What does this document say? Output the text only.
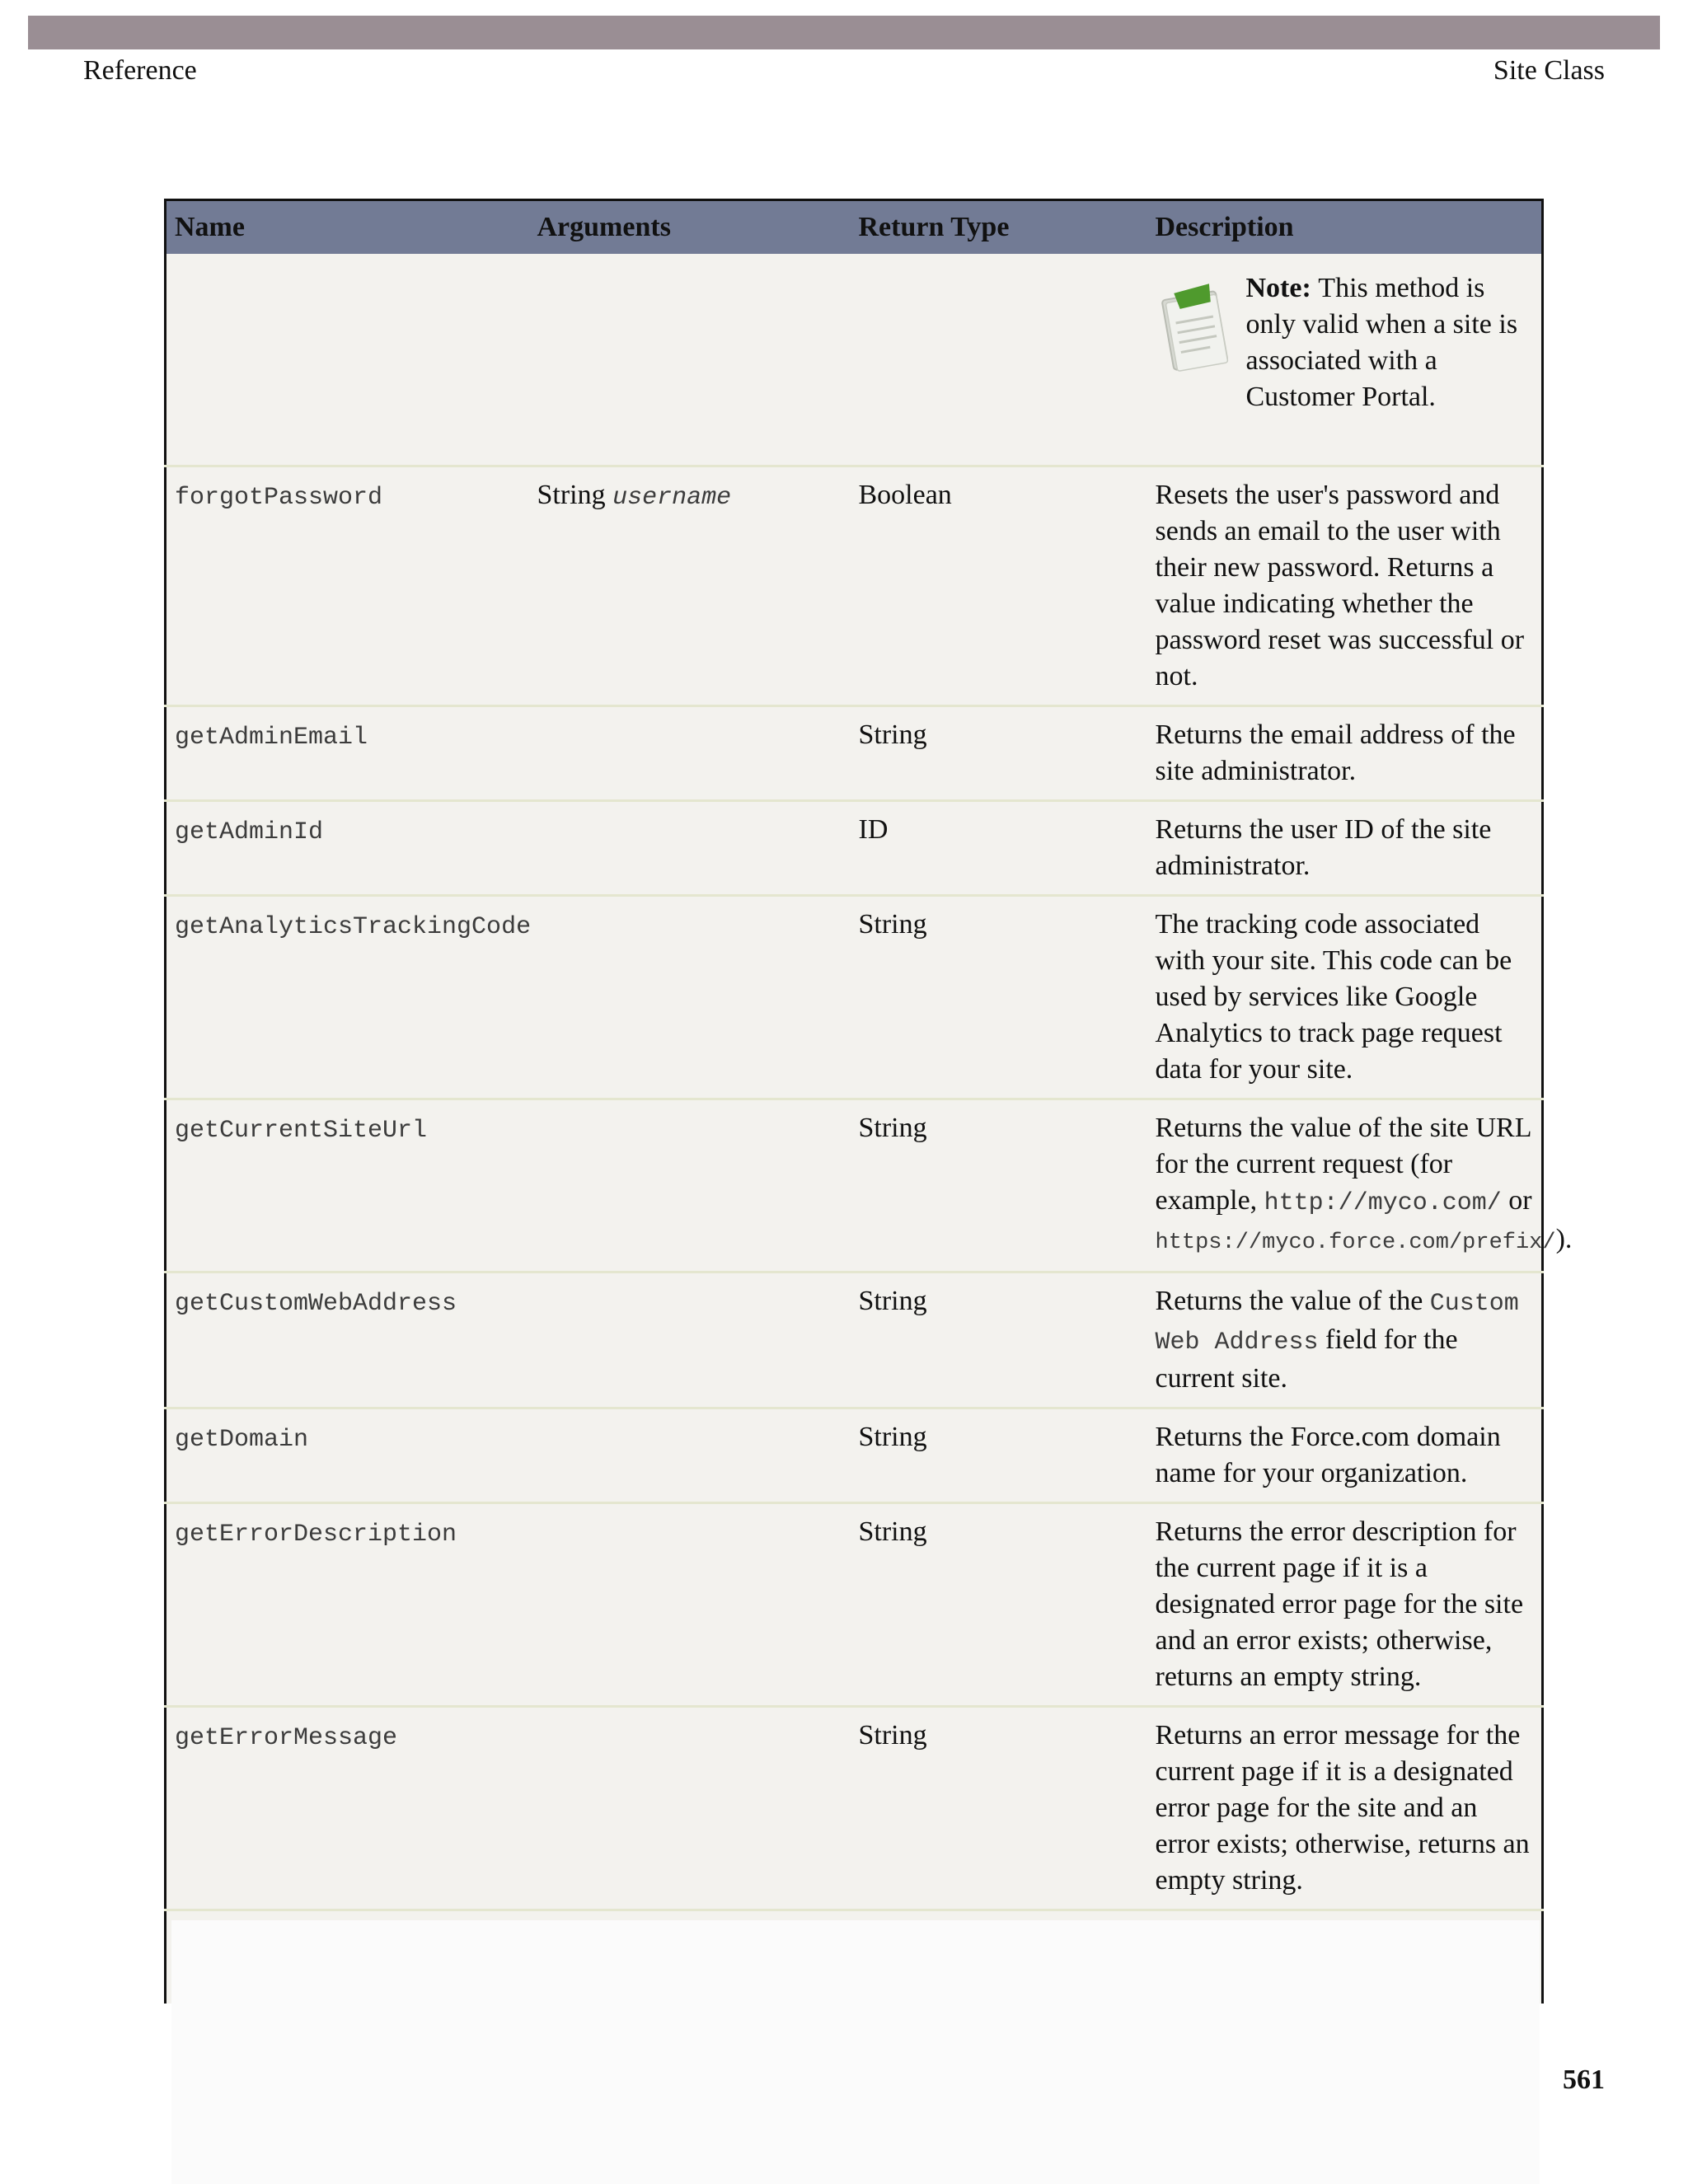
Reference	Site Class
Name	Arguments	Return Type	Description

			Note: This method is only valid when a site is associated with a Customer Portal.

forgotPassword	String username	Boolean	Resets the user's password and sends an email to the user with their new password. Returns a value indicating whether the password reset was successful or not.
getAdminEmail		String	Returns the email address of the site administrator.
getAdminId		ID	Returns the user ID of the site administrator.
getAnalyticsTrackingCode		String	The tracking code associated with your site. This code can be used by services like Google Analytics to track page request data for your site.
getCurrentSiteUrl		String	Returns the value of the site URL for the current request (for example, http://myco.com/ or https://myco.force.com/prefix/).
getCustomWebAddress		String	Returns the value of the Custom Web Address field for the current site.
getDomain		String	Returns the Force.com domain name for your organization.
getErrorDescription		String	Returns the error description for the current page if it is a designated error page for the site and an error exists; otherwise, returns an empty string.
getErrorMessage		String	Returns an error message for the current page if it is a designated error page for the site and an error exists; otherwise, returns an empty string.

561
